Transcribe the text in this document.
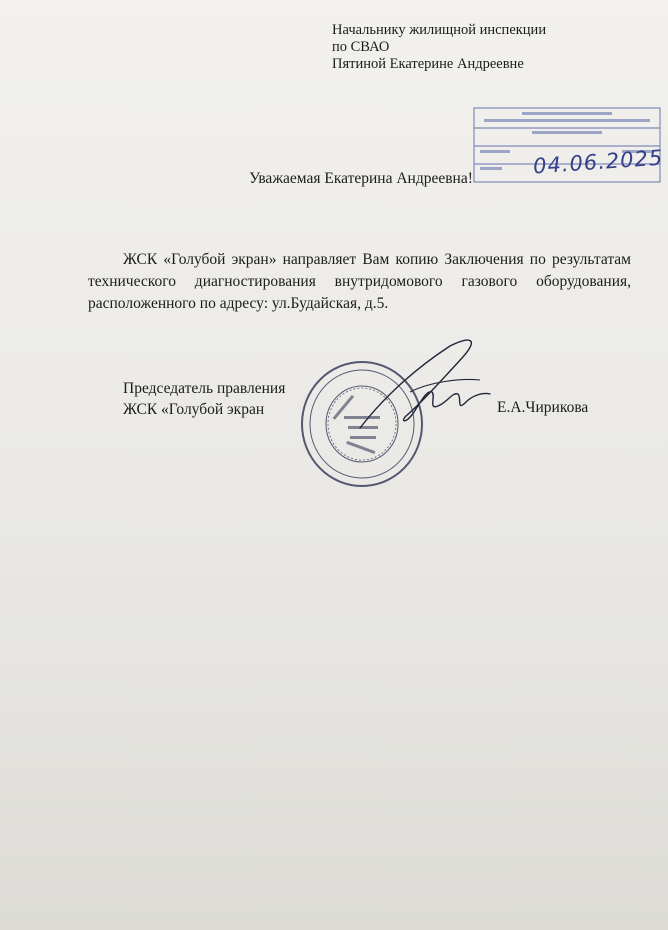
Начальнику жилищной инспекции
по СВАО
Пятиной Екатерине Андреевне
04.06.2025
Уважаемая Екатерина Андреевна!

ЖСК «Голубой экран» направляет Вам копию Заключения по результатам технического диагностирования внутридомового газового оборудования, расположенного по адресу: ул.Будайская, д.5.

Председатель правления
ЖСК «Голубой экран	Е.А.Чирикова
